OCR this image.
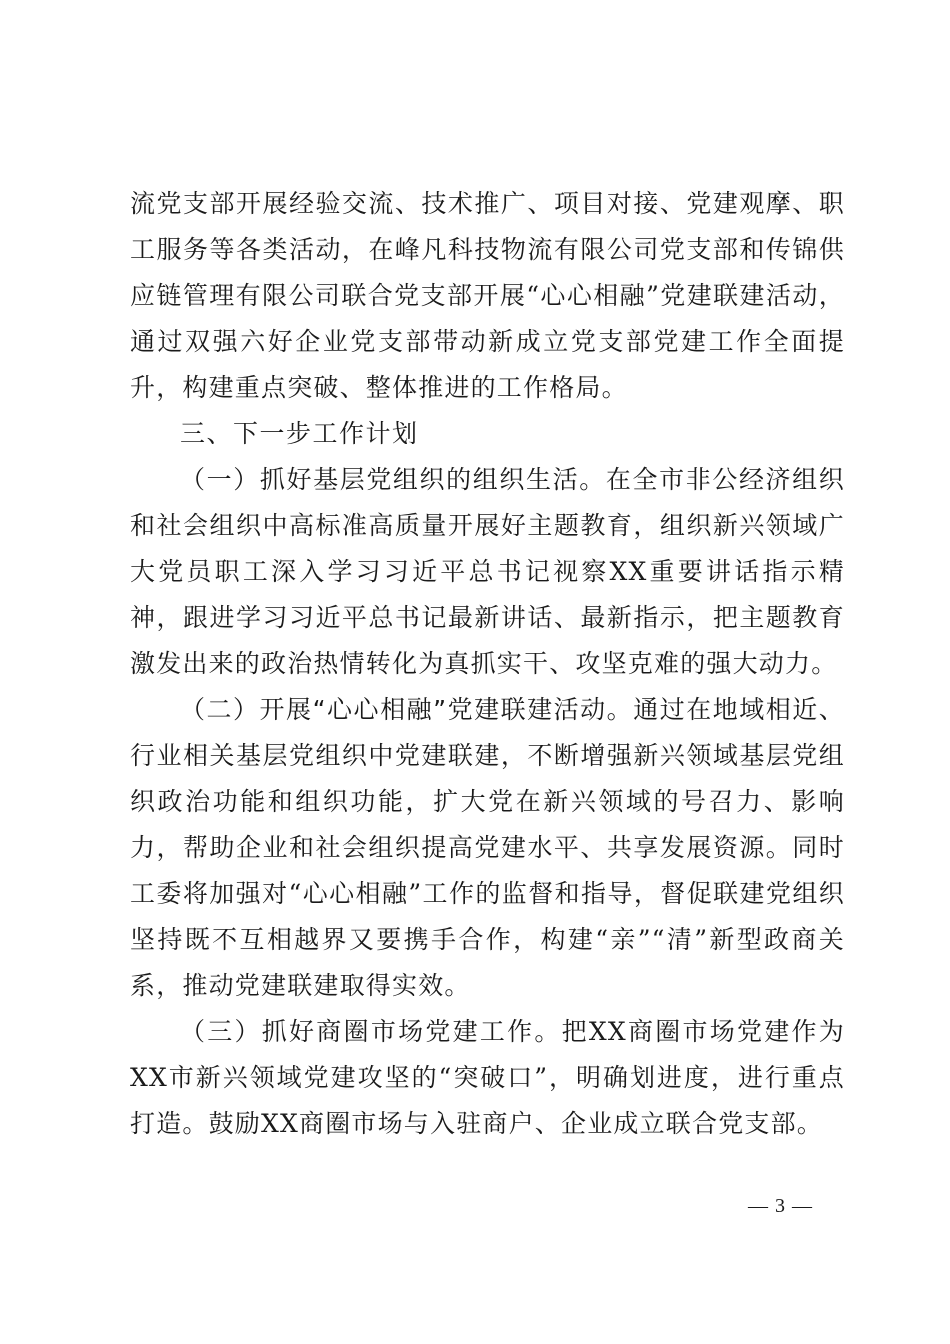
流党支部开展经验交流、技术推广、项目对接、党建观摩、职工服务等各类活动，在峰凡科技物流有限公司党支部和传锦供应链管理有限公司联合党支部开展“心心相融”党建联建活动，通过双强六好企业党支部带动新成立党支部党建工作全面提升，构建重点突破、整体推进的工作格局。

三、下一步工作计划

（一）抓好基层党组织的组织生活。在全市非公经济组织和社会组织中高标准高质量开展好主题教育，组织新兴领域广大党员职工深入学习习近平总书记视察XX重要讲话指示精神，跟进学习习近平总书记最新讲话、最新指示，把主题教育激发出来的政治热情转化为真抓实干、攻坚克难的强大动力。

（二）开展“心心相融”党建联建活动。通过在地域相近、行业相关基层党组织中党建联建，不断增强新兴领域基层党组织政治功能和组织功能，扩大党在新兴领域的号召力、影响力，帮助企业和社会组织提高党建水平、共享发展资源。同时工委将加强对“心心相融”工作的监督和指导，督促联建党组织坚持既不互相越界又要携手合作，构建“亲”“清”新型政商关系，推动党建联建取得实效。

（三）抓好商圈市场党建工作。把XX商圈市场党建作为XX市新兴领域党建攻坚的“突破口”，明确划进度，进行重点打造。鼓励XX商圈市场与入驻商户、企业成立联合党支部。

— 3 —
